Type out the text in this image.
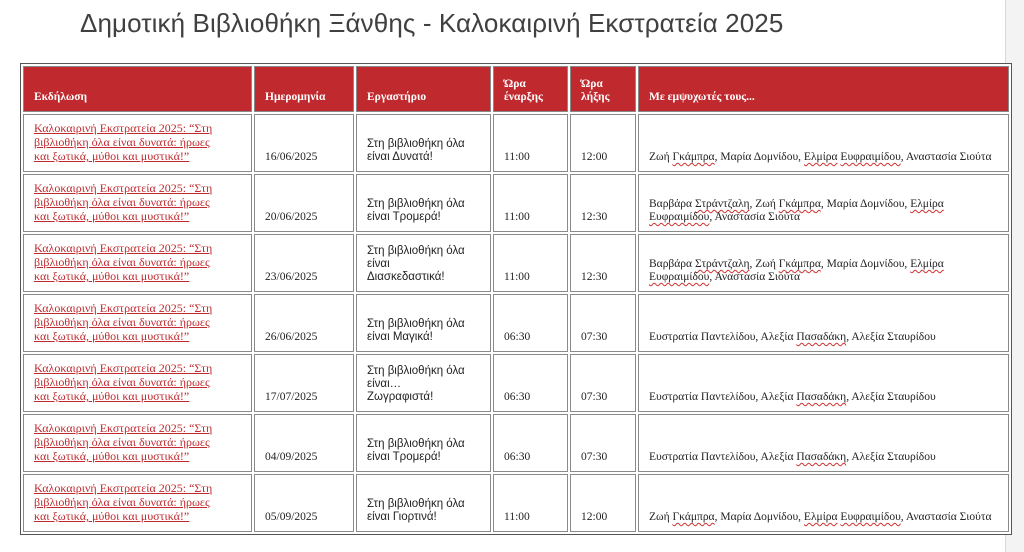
Δημοτική Βιβλιοθήκη Ξάνθης - Καλοκαιρινή Εκστρατεία 2025
Εκδήλωση	Ημερομηνία	Εργαστήριο	Ώρα
έναρξης	Ώρα
λήξης	Με εμψυχωτές τους...
Καλοκαιρινή Εκστρατεία 2025: “Στη
βιβλιοθήκη όλα είναι δυνατά: ήρωες
και ξωτικά, μύθοι και μυστικά!”	16/06/2025	Στη βιβλιοθήκη όλα
είναι Δυνατά!	11:00	12:00	Ζωή Γκάμπρα, Μαρία Δομνίδου, Ελμίρα Ευφραιμίδου, Αναστασία Σιούτα
Καλοκαιρινή Εκστρατεία 2025: “Στη
βιβλιοθήκη όλα είναι δυνατά: ήρωες
και ξωτικά, μύθοι και μυστικά!”	20/06/2025	Στη βιβλιοθήκη όλα
είναι Τρομερά!	11:00	12:30	Βαρβάρα Στράντζαλη, Ζωή Γκάμπρα, Μαρία Δομνίδου, Ελμίρα Ευφραιμίδου, Αναστασία Σιούτα
Καλοκαιρινή Εκστρατεία 2025: “Στη
βιβλιοθήκη όλα είναι δυνατά: ήρωες
και ξωτικά, μύθοι και μυστικά!”	23/06/2025	Στη βιβλιοθήκη όλα
είναι
Διασκεδαστικά!	11:00	12:30	Βαρβάρα Στράντζαλη, Ζωή Γκάμπρα, Μαρία Δομνίδου, Ελμίρα Ευφραιμίδου, Αναστασία Σιούτα
Καλοκαιρινή Εκστρατεία 2025: “Στη
βιβλιοθήκη όλα είναι δυνατά: ήρωες
και ξωτικά, μύθοι και μυστικά!”	26/06/2025	Στη βιβλιοθήκη όλα
είναι Μαγικά!	06:30	07:30	Ευστρατία Παντελίδου, Αλεξία Πασαδάκη, Αλεξία Σταυρίδου
Καλοκαιρινή Εκστρατεία 2025: “Στη
βιβλιοθήκη όλα είναι δυνατά: ήρωες
και ξωτικά, μύθοι και μυστικά!”	17/07/2025	Στη βιβλιοθήκη όλα
είναι…
Ζωγραφιστά!	06:30	07:30	Ευστρατία Παντελίδου, Αλεξία Πασαδάκη, Αλεξία Σταυρίδου
Καλοκαιρινή Εκστρατεία 2025: “Στη
βιβλιοθήκη όλα είναι δυνατά: ήρωες
και ξωτικά, μύθοι και μυστικά!”	04/09/2025	Στη βιβλιοθήκη όλα
είναι Τρομερά!	06:30	07:30	Ευστρατία Παντελίδου, Αλεξία Πασαδάκη, Αλεξία Σταυρίδου
Καλοκαιρινή Εκστρατεία 2025: “Στη
βιβλιοθήκη όλα είναι δυνατά: ήρωες
και ξωτικά, μύθοι και μυστικά!”	05/09/2025	Στη βιβλιοθήκη όλα
είναι Γιορτινά!	11:00	12:00	Ζωή Γκάμπρα, Μαρία Δομνίδου, Ελμίρα Ευφραιμίδου, Αναστασία Σιούτα
